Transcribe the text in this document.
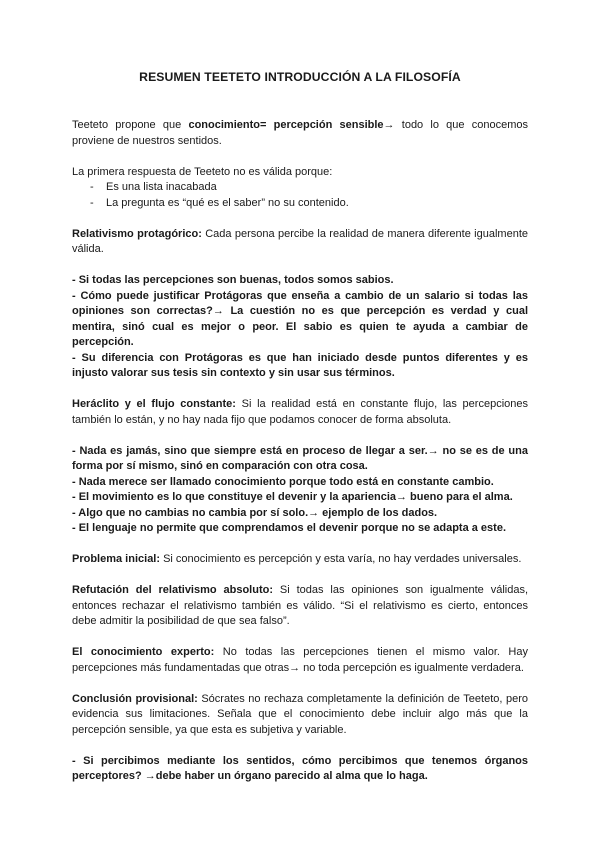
RESUMEN TEETETO INTRODUCCIÓN A LA FILOSOFÍA

Teeteto propone que conocimiento= percepción sensible→ todo lo que conocemos proviene de nuestros sentidos.

La primera respuesta de Teeteto no es válida porque:

- Es una lista inacabada
- La pregunta es “qué es el saber” no su contenido.

Relativismo protagórico: Cada persona percibe la realidad de manera diferente igualmente válida.

- Si todas las percepciones son buenas, todos somos sabios.

- Cómo puede justificar Protágoras que enseña a cambio de un salario si todas las opiniones son correctas?→ La cuestión no es que percepción es verdad y cual mentira, sinó cual es mejor o peor. El sabio es quien te ayuda a cambiar de percepción.

- Su diferencia con Protágoras es que han iniciado desde puntos diferentes y es injusto valorar sus tesis sin contexto y sin usar sus términos.

Heráclito y el flujo constante: Si la realidad está en constante flujo, las percepciones también lo están, y no hay nada fijo que podamos conocer de forma absoluta.

- Nada es jamás, sino que siempre está en proceso de llegar a ser.→ no se es de una forma por sí mismo, sinó en comparación con otra cosa.

- Nada merece ser llamado conocimiento porque todo está en constante cambio.

- El movimiento es lo que constituye el devenir y la apariencia→ bueno para el alma.

- Algo que no cambias no cambia por sí solo.→ ejemplo de los dados.

- El lenguaje no permite que comprendamos el devenir porque no se adapta a este.

Problema inicial: Si conocimiento es percepción y esta varía, no hay verdades universales.

Refutación del relativismo absoluto: Si todas las opiniones son igualmente válidas, entonces rechazar el relativismo también es válido. “Si el relativismo es cierto, entonces debe admitir la posibilidad de que sea falso”.

El conocimiento experto: No todas las percepciones tienen el mismo valor. Hay percepciones más fundamentadas que otras→ no toda percepción es igualmente verdadera.

Conclusión provisional: Sócrates no rechaza completamente la definición de Teeteto, pero evidencia sus limitaciones. Señala que el conocimiento debe incluir algo más que la percepción sensible, ya que esta es subjetiva y variable.

- Si percibimos mediante los sentidos, cómo percibimos que tenemos órganos perceptores? →debe haber un órgano parecido al alma que lo haga.
